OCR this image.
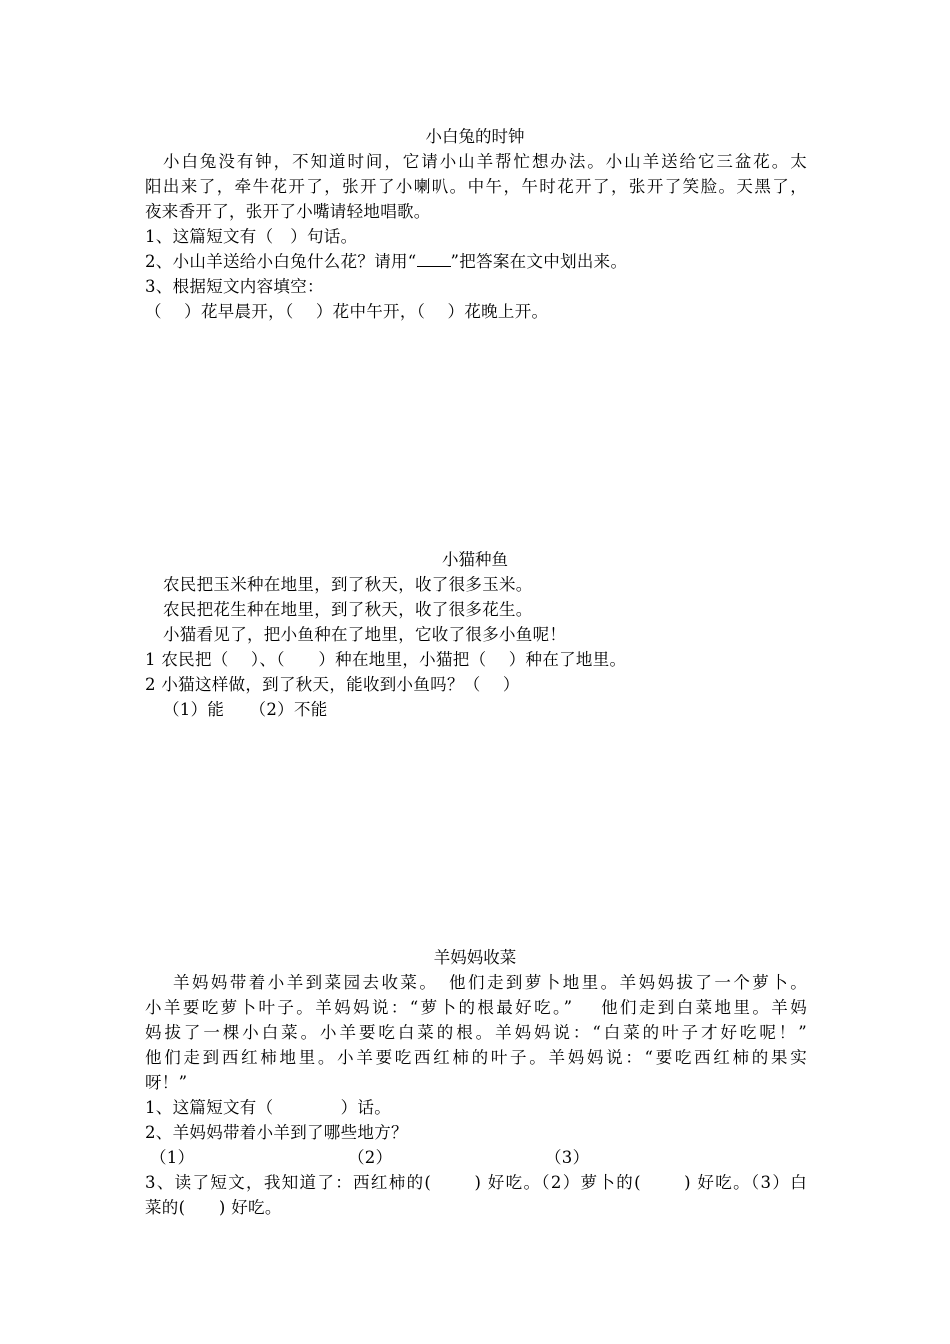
小白兔的时钟
小白兔没有钟，不知道时间，它请小山羊帮忙想办法。小山羊送给它三盆花。太
阳出来了，牵牛花开了，张开了小喇叭。中午，午时花开了，张开了笑脸。天黑了，
夜来香开了，张开了小嘴请轻地唱歌。
1、这篇短文有（　）句话。
2、小山羊送给小白兔什么花？请用“ ”把答案在文中划出来。
3、根据短文内容填空：
（　 ）花早晨开，（　 ）花中午开，（　 ）花晚上开。
小猫种鱼
农民把玉米种在地里，到了秋天，收了很多玉米。
农民把花生种在地里，到了秋天，收了很多花生。
小猫看见了，把小鱼种在了地里，它收了很多小鱼呢！
1 农民把（　 ）、（　　）种在地里，小猫把（　 ）种在了地里。
2 小猫这样做，到了秋天，能收到小鱼吗？（　 ）
（1）能　　（2）不能
羊妈妈收菜
羊妈妈带着小羊到菜园去收菜。　他们走到萝卜地里。羊妈妈拔了一个萝卜。
小羊要吃萝卜叶子。羊妈妈说：“萝卜的根最好吃。”　 他们走到白菜地里。羊妈
妈拔了一棵小白菜。小羊要吃白菜的根。羊妈妈说：“白菜的叶子才好吃呢！”
他们走到西红柿地里。小羊要吃西红柿的叶子。羊妈妈说：“要吃西红柿的果实
呀！”
1、这篇短文有（　　　　）话。
2、羊妈妈带着小羊到了哪些地方？
（1）	（2）	（3）
3、读了短文，我知道了：西红柿的(　　 ) 好吃。（2）萝卜的(　　 ) 好吃。（3）白
菜的(　　) 好吃。
